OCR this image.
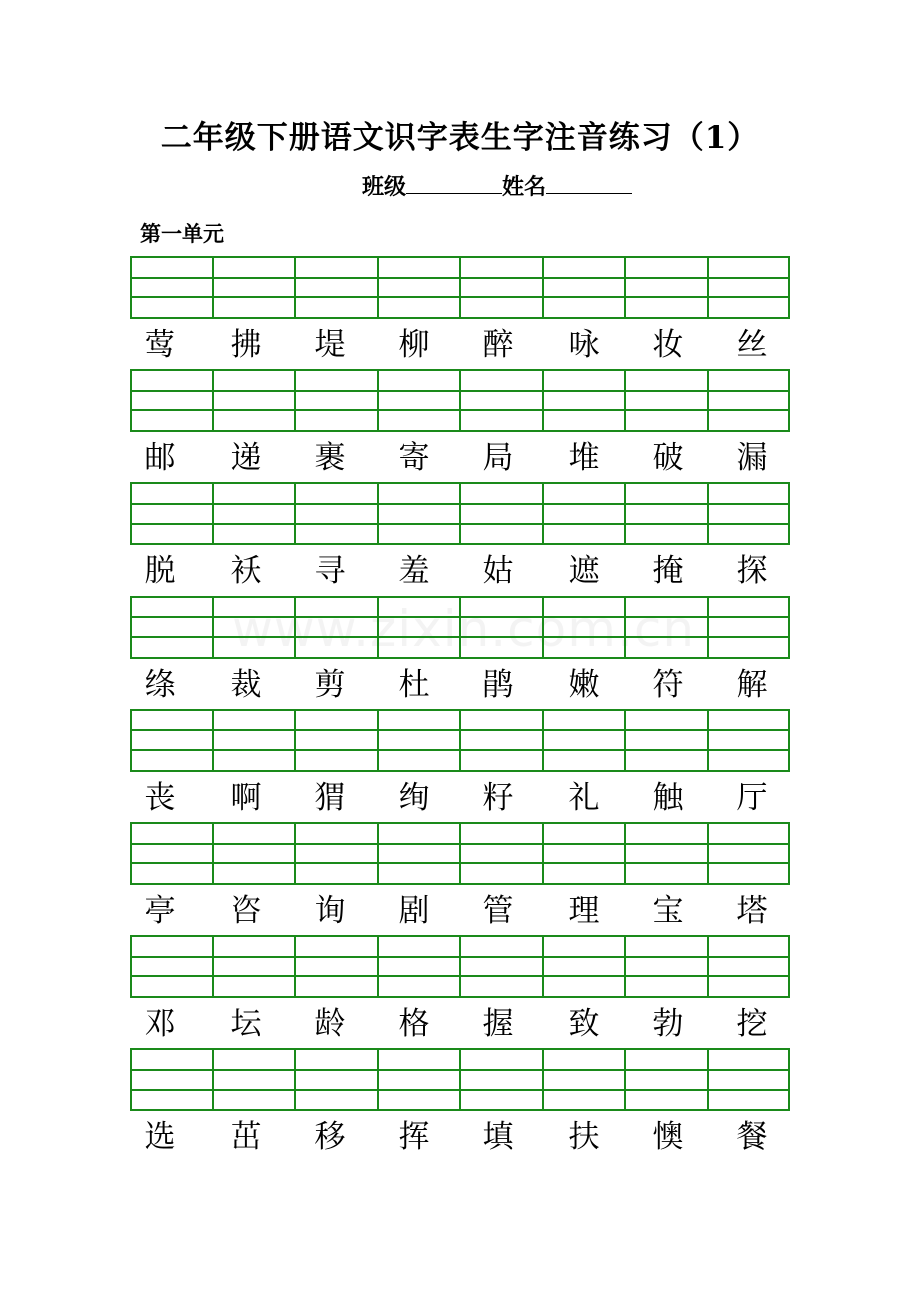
二年级下册语文识字表生字注音练习（1）
班级	姓名
第一单元
莺	拂	堤	柳	醉	咏	妆	丝
邮	递	裹	寄	局	堆	破	漏
脱	袄	寻	羞	姑	遮	掩	探
绦	裁	剪	杜	鹃	嫩	符	解
丧	啊	猬	绚	籽	礼	触	厅
亭	咨	询	剧	管	理	宝	塔
邓	坛	龄	格	握	致	勃	挖
选	茁	移	挥	填	扶	懊	餐
